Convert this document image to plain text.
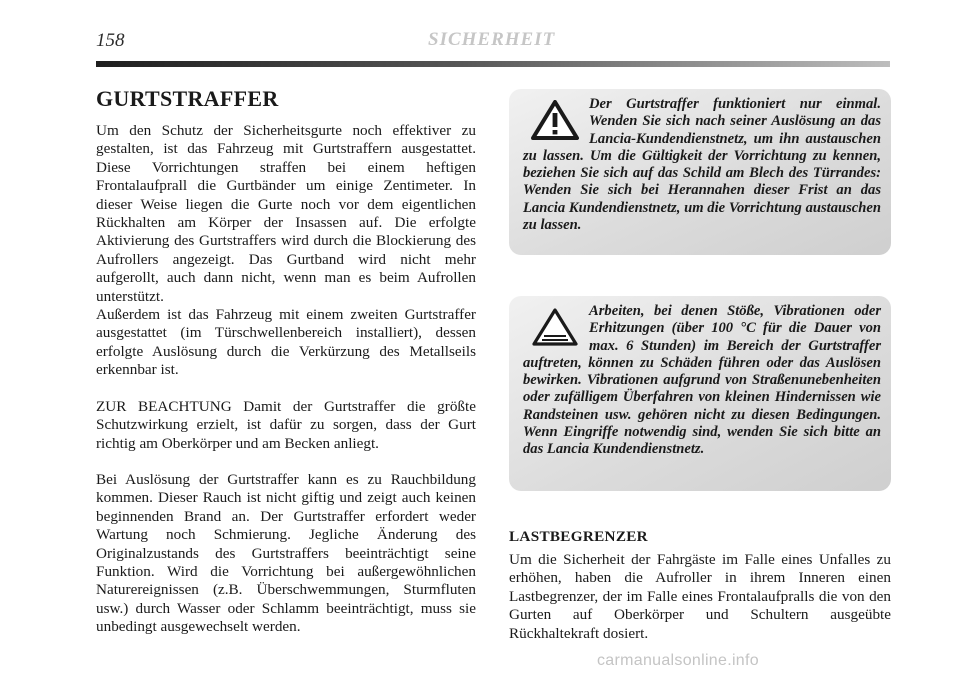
158	SICHERHEIT
GURTSTRAFFER

Um den Schutz der Sicherheitsgurte noch effektiver zu gestalten, ist das Fahrzeug mit Gurtstraffern ausgestattet. Diese Vorrichtungen straffen bei einem heftigen Frontalaufprall die Gurtbänder um einige Zentimeter. In dieser Weise liegen die Gurte noch vor dem eigentlichen Rückhalten am Körper der Insassen auf. Die erfolgte Aktivierung des Gurtstraffers wird durch die Blockierung des Aufrollers angezeigt. Das Gurtband wird nicht mehr aufgerollt, auch dann nicht, wenn man es beim Aufrollen unterstützt.

Außerdem ist das Fahrzeug mit einem zweiten Gurtstraffer ausgestattet (im Türschwellenbereich installiert), dessen erfolgte Auslösung durch die Verkürzung des Metallseils erkennbar ist.

ZUR BEACHTUNG Damit der Gurtstraffer die größte Schutzwirkung erzielt, ist dafür zu sorgen, dass der Gurt richtig am Oberkörper und am Becken anliegt.

Bei Auslösung der Gurtstraffer kann es zu Rauchbildung kommen. Dieser Rauch ist nicht giftig und zeigt auch keinen beginnenden Brand an. Der Gurtstraffer erfordert weder Wartung noch Schmierung. Jegliche Änderung des Originalzustands des Gurtstraffers beeinträchtigt seine Funktion. Wird die Vorrichtung bei außergewöhnlichen Naturereignissen (z.B. Überschwemmungen, Sturmfluten usw.) durch Wasser oder Schlamm beeinträchtigt, muss sie unbedingt ausgewechselt werden.

Der Gurtstraffer funktioniert nur einmal. Wenden Sie sich nach seiner Auslösung an das Lancia-Kundendienstnetz, um ihn austauschen zu lassen. Um die Gültigkeit der Vorrichtung zu kennen, beziehen Sie sich auf das Schild am Blech des Türrandes: Wenden Sie sich bei Herannahen dieser Frist an das Lancia Kundendienstnetz, um die Vorrichtung austauschen zu lassen.

Arbeiten, bei denen Stöße, Vibrationen oder Erhitzungen (über 100 °C für die Dauer von max. 6 Stunden) im Bereich der Gurtstraffer auftreten, können zu Schäden führen oder das Auslösen bewirken. Vibrationen aufgrund von Straßenunebenheiten oder zufälligem Überfahren von kleinen Hindernissen wie Randsteinen usw. gehören nicht zu diesen Bedingungen. Wenn Eingriffe notwendig sind, wenden Sie sich bitte an das Lancia Kundendienstnetz.

LASTBEGRENZER

Um die Sicherheit der Fahrgäste im Falle eines Unfalles zu erhöhen, haben die Aufroller in ihrem Inneren einen Lastbegrenzer, der im Falle eines Frontalaufpralls die von den Gurten auf Oberkörper und Schultern ausgeübte Rückhaltekraft dosiert.

carmanualsonline.info
